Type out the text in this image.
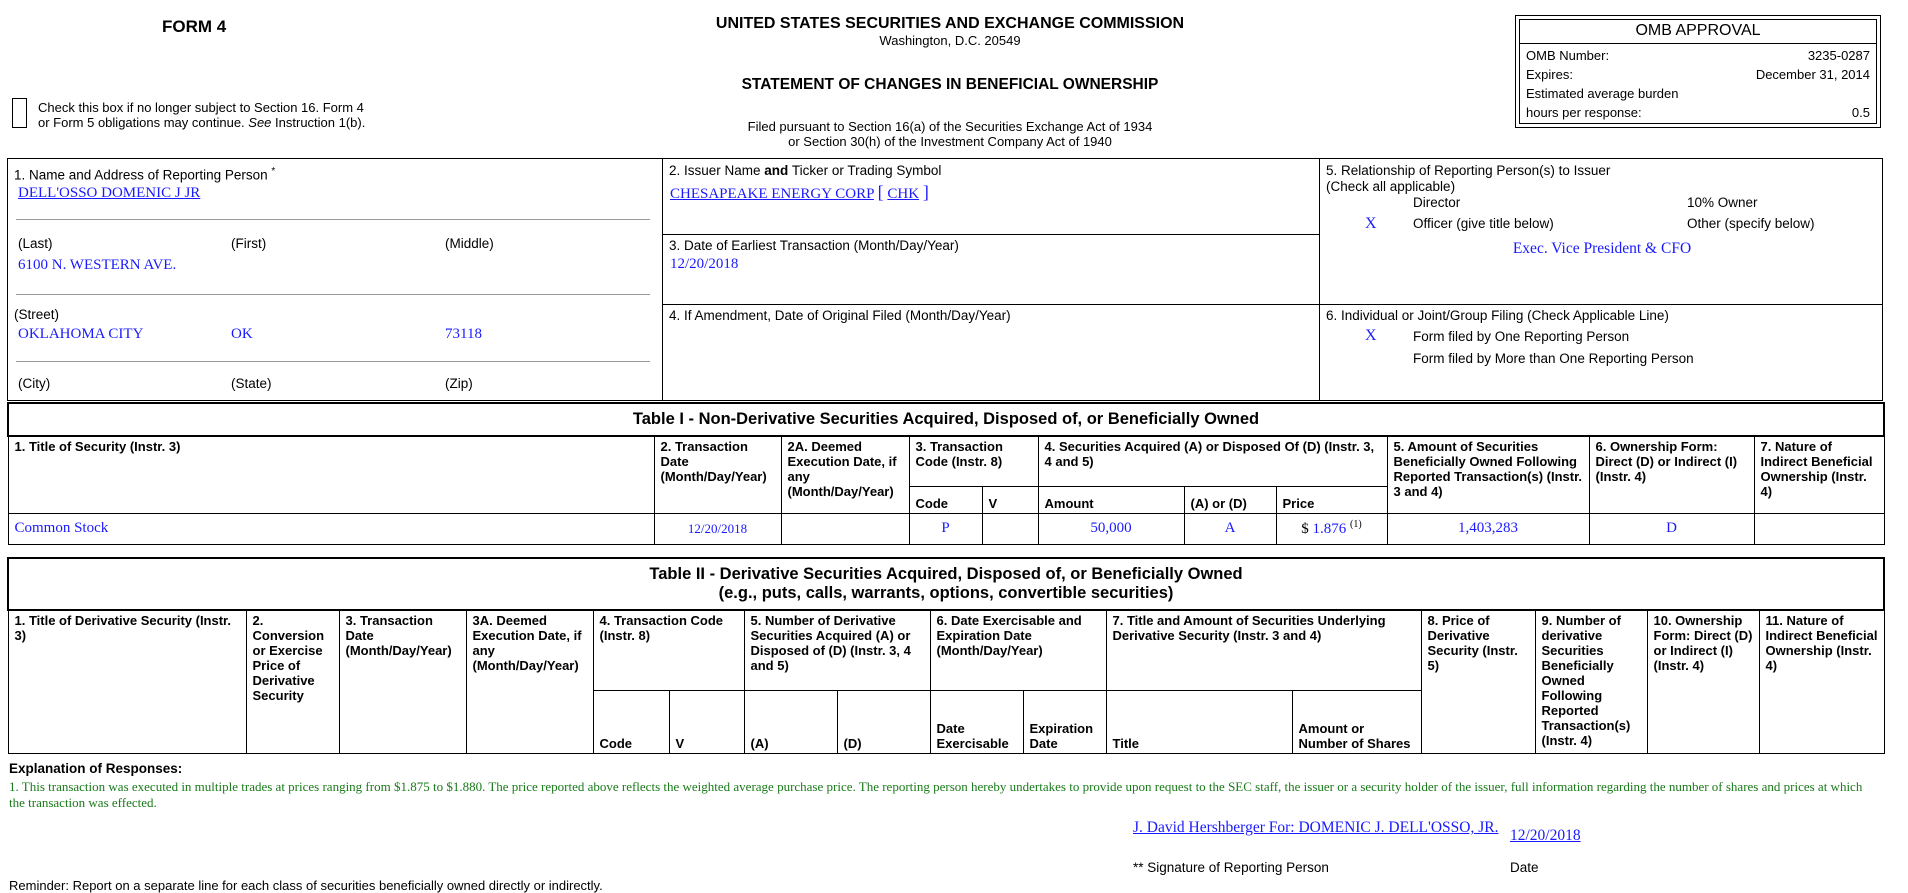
FORM 4
Check this box if no longer subject to Section 16. Form 4
or Form 5 obligations may continue. See Instruction 1(b).
UNITED STATES SECURITIES AND EXCHANGE COMMISSION
Washington, D.C. 20549
STATEMENT OF CHANGES IN BENEFICIAL OWNERSHIP
Filed pursuant to Section 16(a) of the Securities Exchange Act of 1934
or Section 30(h) of the Investment Company Act of 1940
OMB APPROVAL
OMB Number:	3235-0287
Expires:	December 31, 2014
Estimated average burden
hours per response:	0.5
1. Name and Address of Reporting Person *
DELL'OSSO DOMENIC J JR
(Last)	(First)	(Middle)
6100 N. WESTERN AVE.
(Street)
OKLAHOMA CITY	OK	73118
(City)	(State)	(Zip)
2. Issuer Name and Ticker or Trading Symbol
CHESAPEAKE ENERGY CORP [ CHK ]
3. Date of Earliest Transaction (Month/Day/Year)
12/20/2018
4. If Amendment, Date of Original Filed (Month/Day/Year)
5. Relationship of Reporting Person(s) to Issuer
(Check all applicable)
Director	10% Owner
X	Officer (give title below)	Other (specify below)
Exec. Vice President & CFO
6. Individual or Joint/Group Filing (Check Applicable Line)
X	Form filed by One Reporting Person
Form filed by More than One Reporting Person
Table I - Non-Derivative Securities Acquired, Disposed of, or Beneficially Owned										
1. Title of Security (Instr. 3)	2. Transaction Date (Month/Day/Year)	2A. Deemed Execution Date, if any (Month/Day/Year)	3. Transaction Code (Instr. 8)		4. Securities Acquired (A) or Disposed Of (D) (Instr. 3, 4 and 5)			5. Amount of Securities Beneficially Owned Following Reported Transaction(s) (Instr. 3 and 4)	6. Ownership Form: Direct (D) or Indirect (I) (Instr. 4)	7. Nature of Indirect Beneficial Ownership (Instr. 4)
			Code	V	Amount	(A) or (D)	Price			
Common Stock	12/20/2018		P		50,000	A	$ 1.876 $^{(1)}$	1,403,283	D	
Table II - Derivative Securities Acquired, Disposed of, or Beneficially Owned
(e.g., puts, calls, warrants, options, convertible securities)															

1. Title of Derivative Security (Instr. 3)	2. Conversion or Exercise Price of Derivative Security	3. Transaction Date (Month/Day/Year)	3A. Deemed Execution Date, if any (Month/Day/Year)	4. Transaction Code (Instr. 8)		5. Number of Derivative Securities Acquired (A) or Disposed of (D) (Instr. 3, 4 and 5)		6. Date Exercisable and Expiration Date (Month/Day/Year)		7. Title and Amount of Securities Underlying Derivative Security (Instr. 3 and 4)		8. Price of Derivative Security (Instr. 5)	9. Number of derivative Securities Beneficially Owned Following Reported Transaction(s) (Instr. 4)	10. Ownership Form: Direct (D) or Indirect (I) (Instr. 4)	11. Nature of Indirect Beneficial Ownership (Instr. 4)
				Code	V	(A)	(D)	Date Exercisable	Expiration Date	Title	Amount or Number of Shares				
Explanation of Responses:
1. This transaction was executed in multiple trades at prices ranging from $1.875 to $1.880. The price reported above reflects the weighted average purchase price. The reporting person hereby undertakes to provide upon request to the SEC staff, the issuer or a security holder of the issuer, full information regarding the number of shares and prices at which the transaction was effected.
J. David Hershberger For: DOMENIC J. DELL'OSSO, JR. 12/20/2018
** Signature of Reporting Person	Date
Reminder: Report on a separate line for each class of securities beneficially owned directly or indirectly.
